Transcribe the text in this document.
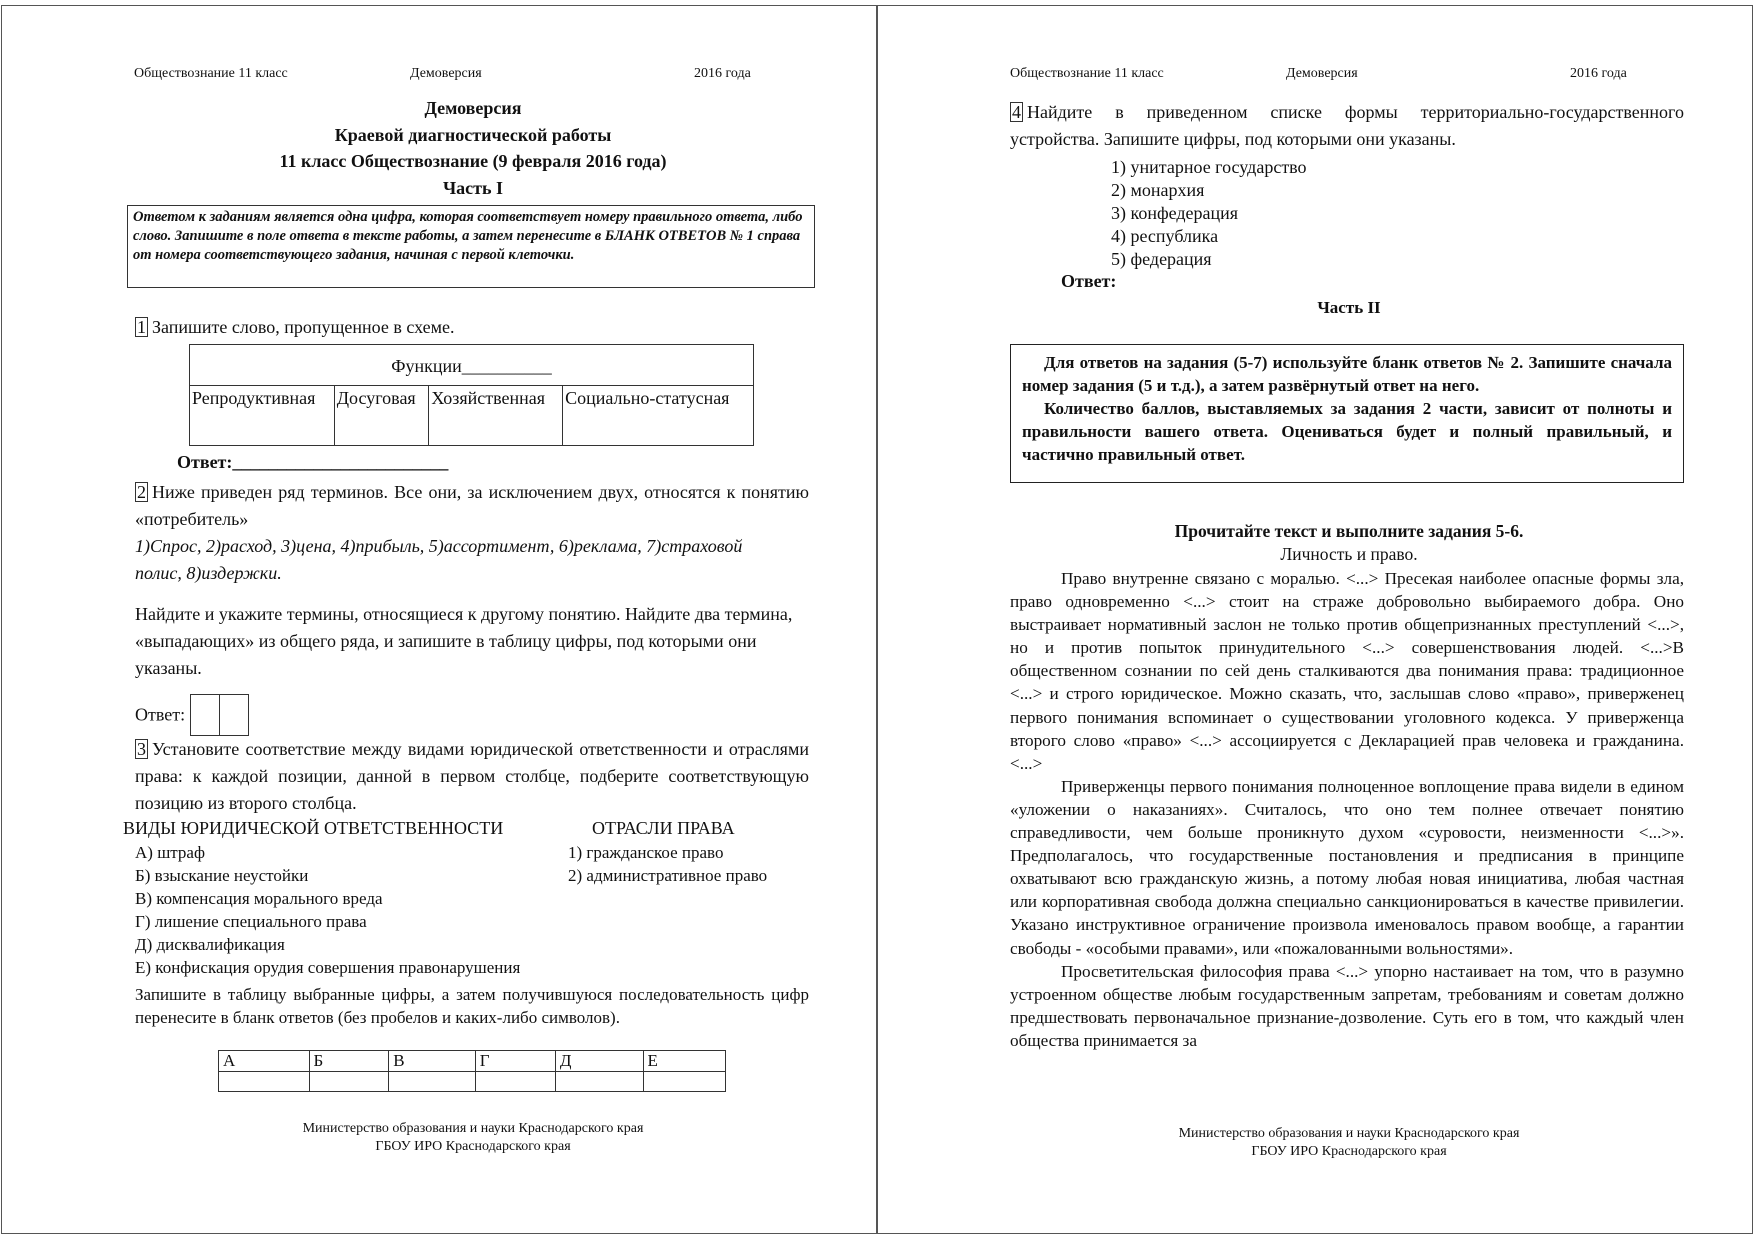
Обществознание 11 класс	Демоверсия	2016 года
Демоверсия
Краевой диагностической работы
11 класс Обществознание (9 февраля 2016 года)
Часть I
Ответом к заданиям является одна цифра, которая соответствует номеру правильного ответа, либо слово. Запишите в поле ответа в тексте работы, а затем перенесите в БЛАНК ОТВЕТОВ № 1 справа от номера соответствующего задания, начиная с первой клеточки.
1 Запишите слово, пропущенное в схеме.
Функции__________
Репродуктивная	Досуговая	Хозяйственная	Социально-статусная
Ответ:________________________
2 Ниже приведен ряд терминов. Все они, за исключением двух, относятся к понятию «потребитель»
1)Спрос, 2)расход, 3)цена, 4)прибыль, 5)ассортимент, 6)реклама, 7)страховой полис, 8)издержки.
Найдите и укажите термины, относящиеся к другому понятию. Найдите два термина, «выпадающих» из общего ряда, и запишите в таблицу цифры, под которыми они указаны.
Ответ:
3 Установите соответствие между видами юридической ответственности и отраслями права: к каждой позиции, данной в первом столбце, подберите соответствующую позицию из второго столбца.
ВИДЫ ЮРИДИЧЕСКОЙ ОТВЕТСТВЕННОСТИ	ОТРАСЛИ ПРАВА
А) штраф
Б) взыскание неустойки
В) компенсация морального вреда
Г) лишение специального права
Д) дисквалификация
Е) конфискация орудия совершения правонарушения
1) гражданское право
2) административное право
Запишите в таблицу выбранные цифры, а затем получившуюся последовательность цифр перенесите в бланк ответов (без пробелов и каких-либо символов).
А	Б	В	Г	Д	Е

Министерство образования и науки Краснодарского края
ГБОУ ИРО Краснодарского края
Обществознание 11 класс	Демоверсия	2016 года
4 Найдите в приведенном списке формы территориально-государственного устройства. Запишите цифры, под которыми они указаны.
1) унитарное государство
2) монархия
3) конфедерация
4) республика
5) федерация
Ответ:
Часть II

Для ответов на задания (5-7) используйте бланк ответов № 2. Запишите сначала номер задания (5 и т.д.), а затем развёрнутый ответ на него.

Количество баллов, выставляемых за задания 2 части, зависит от полноты и правильности вашего ответа. Оцениваться будет и полный правильный, и частично правильный ответ.

Прочитайте текст и выполните задания 5-6.
Личность и право.

Право внутренне связано с моралью. <...> Пресекая наиболее опасные формы зла, право одновременно <...> стоит на страже добровольно выбираемого добра. Оно выстраивает нормативный заслон не только против общепризнанных преступлений <...>, но и против попыток принудительного <...> совершенствования людей. <...>В общественном сознании по сей день сталкиваются два понимания права: традиционное <...> и строго юридическое. Можно сказать, что, заслышав слово «право», приверженец первого понимания вспоминает о существовании уголовного кодекса. У приверженца второго слово «право» <...> ассоциируется с Декларацией прав человека и гражданина. <...>

Приверженцы первого понимания полноценное воплощение права видели в едином «уложении о наказаниях». Считалось, что оно тем полнее отвечает понятию справедливости, чем больше проникнуто духом «суровости, неизменности <...>». Предполагалось, что государственные постановления и предписания в принципе охватывают всю гражданскую жизнь, а потому любая новая инициатива, любая частная или корпоративная свобода должна специально санкционироваться в качестве привилегии. Указано инструктивное ограничение произвола именовалось правом вообще, а гарантии свободы - «особыми правами», или «пожалованными вольностями».

Просветительская философия права <...> упорно настаивает на том, что в разумно устроенном обществе любым государственным запретам, требованиям и советам должно предшествовать первоначальное признание-дозволение. Суть его в том, что каждый член общества принимается за

Министерство образования и науки Краснодарского края
ГБОУ ИРО Краснодарского края
